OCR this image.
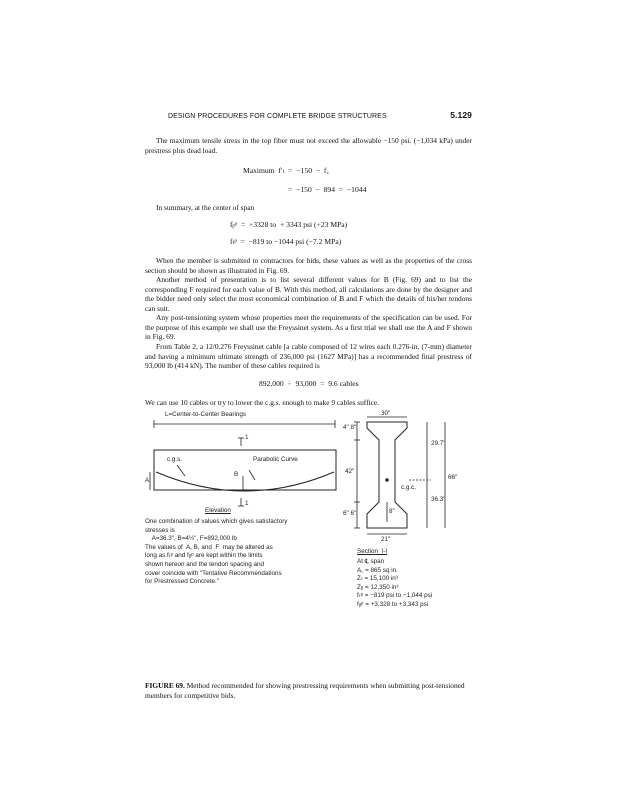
DESIGN PROCEDURES FOR COMPLETE BRIDGE STRUCTURES	5.129

The maximum tensile stress in the top fiber must not exceed the allowable −150 psi. (−1,034 kPa) under prestress plus dead load.

Maximum  f′ₜ  =  −150  −  f꜀
=  −150  −  894  =  −1044

In summary, at the center of span

fᵦᵖ  =  +3328 to  + 3343 psi (+23 MPa)
fₜᵖ  =  −819 to −1044 psi (−7.2 MPa)

When the member is submitted to contractors for bids, these values as well as the properties of the cross section should be shown as illustrated in Fig. 69.

Another method of presentation is to list several different values for B (Fig. 69) and to list the corresponding F required for each value of B. With this method, all calculations are done by the designer and the bidder need only select the most economical combination of B and F which the details of his/her tendons can suit.

Any post-tensioning system whose properties meet the requirements of the specification can be used. For the purpose of this example we shall use the Freyssinet system. As a first trial we shall use the A and F shown in Fig. 69.

From Table 2, a 12/0.276 Freyssinet cable [a cable composed of 12 wires each 0.276-in. (7-mm) diameter and having a minimum ultimate strength of 236,000 psi (1627 MPa)] has a recommended final prestress of 93,000 lb (414 kN). The number of these cables required is

892,000  ÷  93,000  =  9.6 cables

We can use 10 cables or try to lower the c.g.s. enough to make 9 cables suffice.

L=Center-to-Center Bearings
c.g.s.	Parabolic Curve
A
B
1
1
Elevation
One combination of values which gives satisfactory
stresses is
A=36.3", B=4½", F=892,000 lb
The values of  A, B, and  F  may be altered as
long as fₜᵖ and fᵦᵖ are kept within the limits
shown hereon and the tendon spacing and
cover coincide with "Tentative Recommendations
for Prestressed Concrete."
30"
4" 8"
42"
8"
6" 6"
21"
29.7"
36.3"
66"
c.g.c.
Section  I-I
At ℄ span
A꜀ = 865 sq in.
Zₜ = 15,100 in³
Zᵦ = 12,350 in³
fₜᵖ = −819 psi to −1,044 psi
fᵦᵖ = +3,328 to +3,343 psi

FIGURE 69. Method recommended for showing prestressing requirements when submitting post-tensioned members for competitive bids.
